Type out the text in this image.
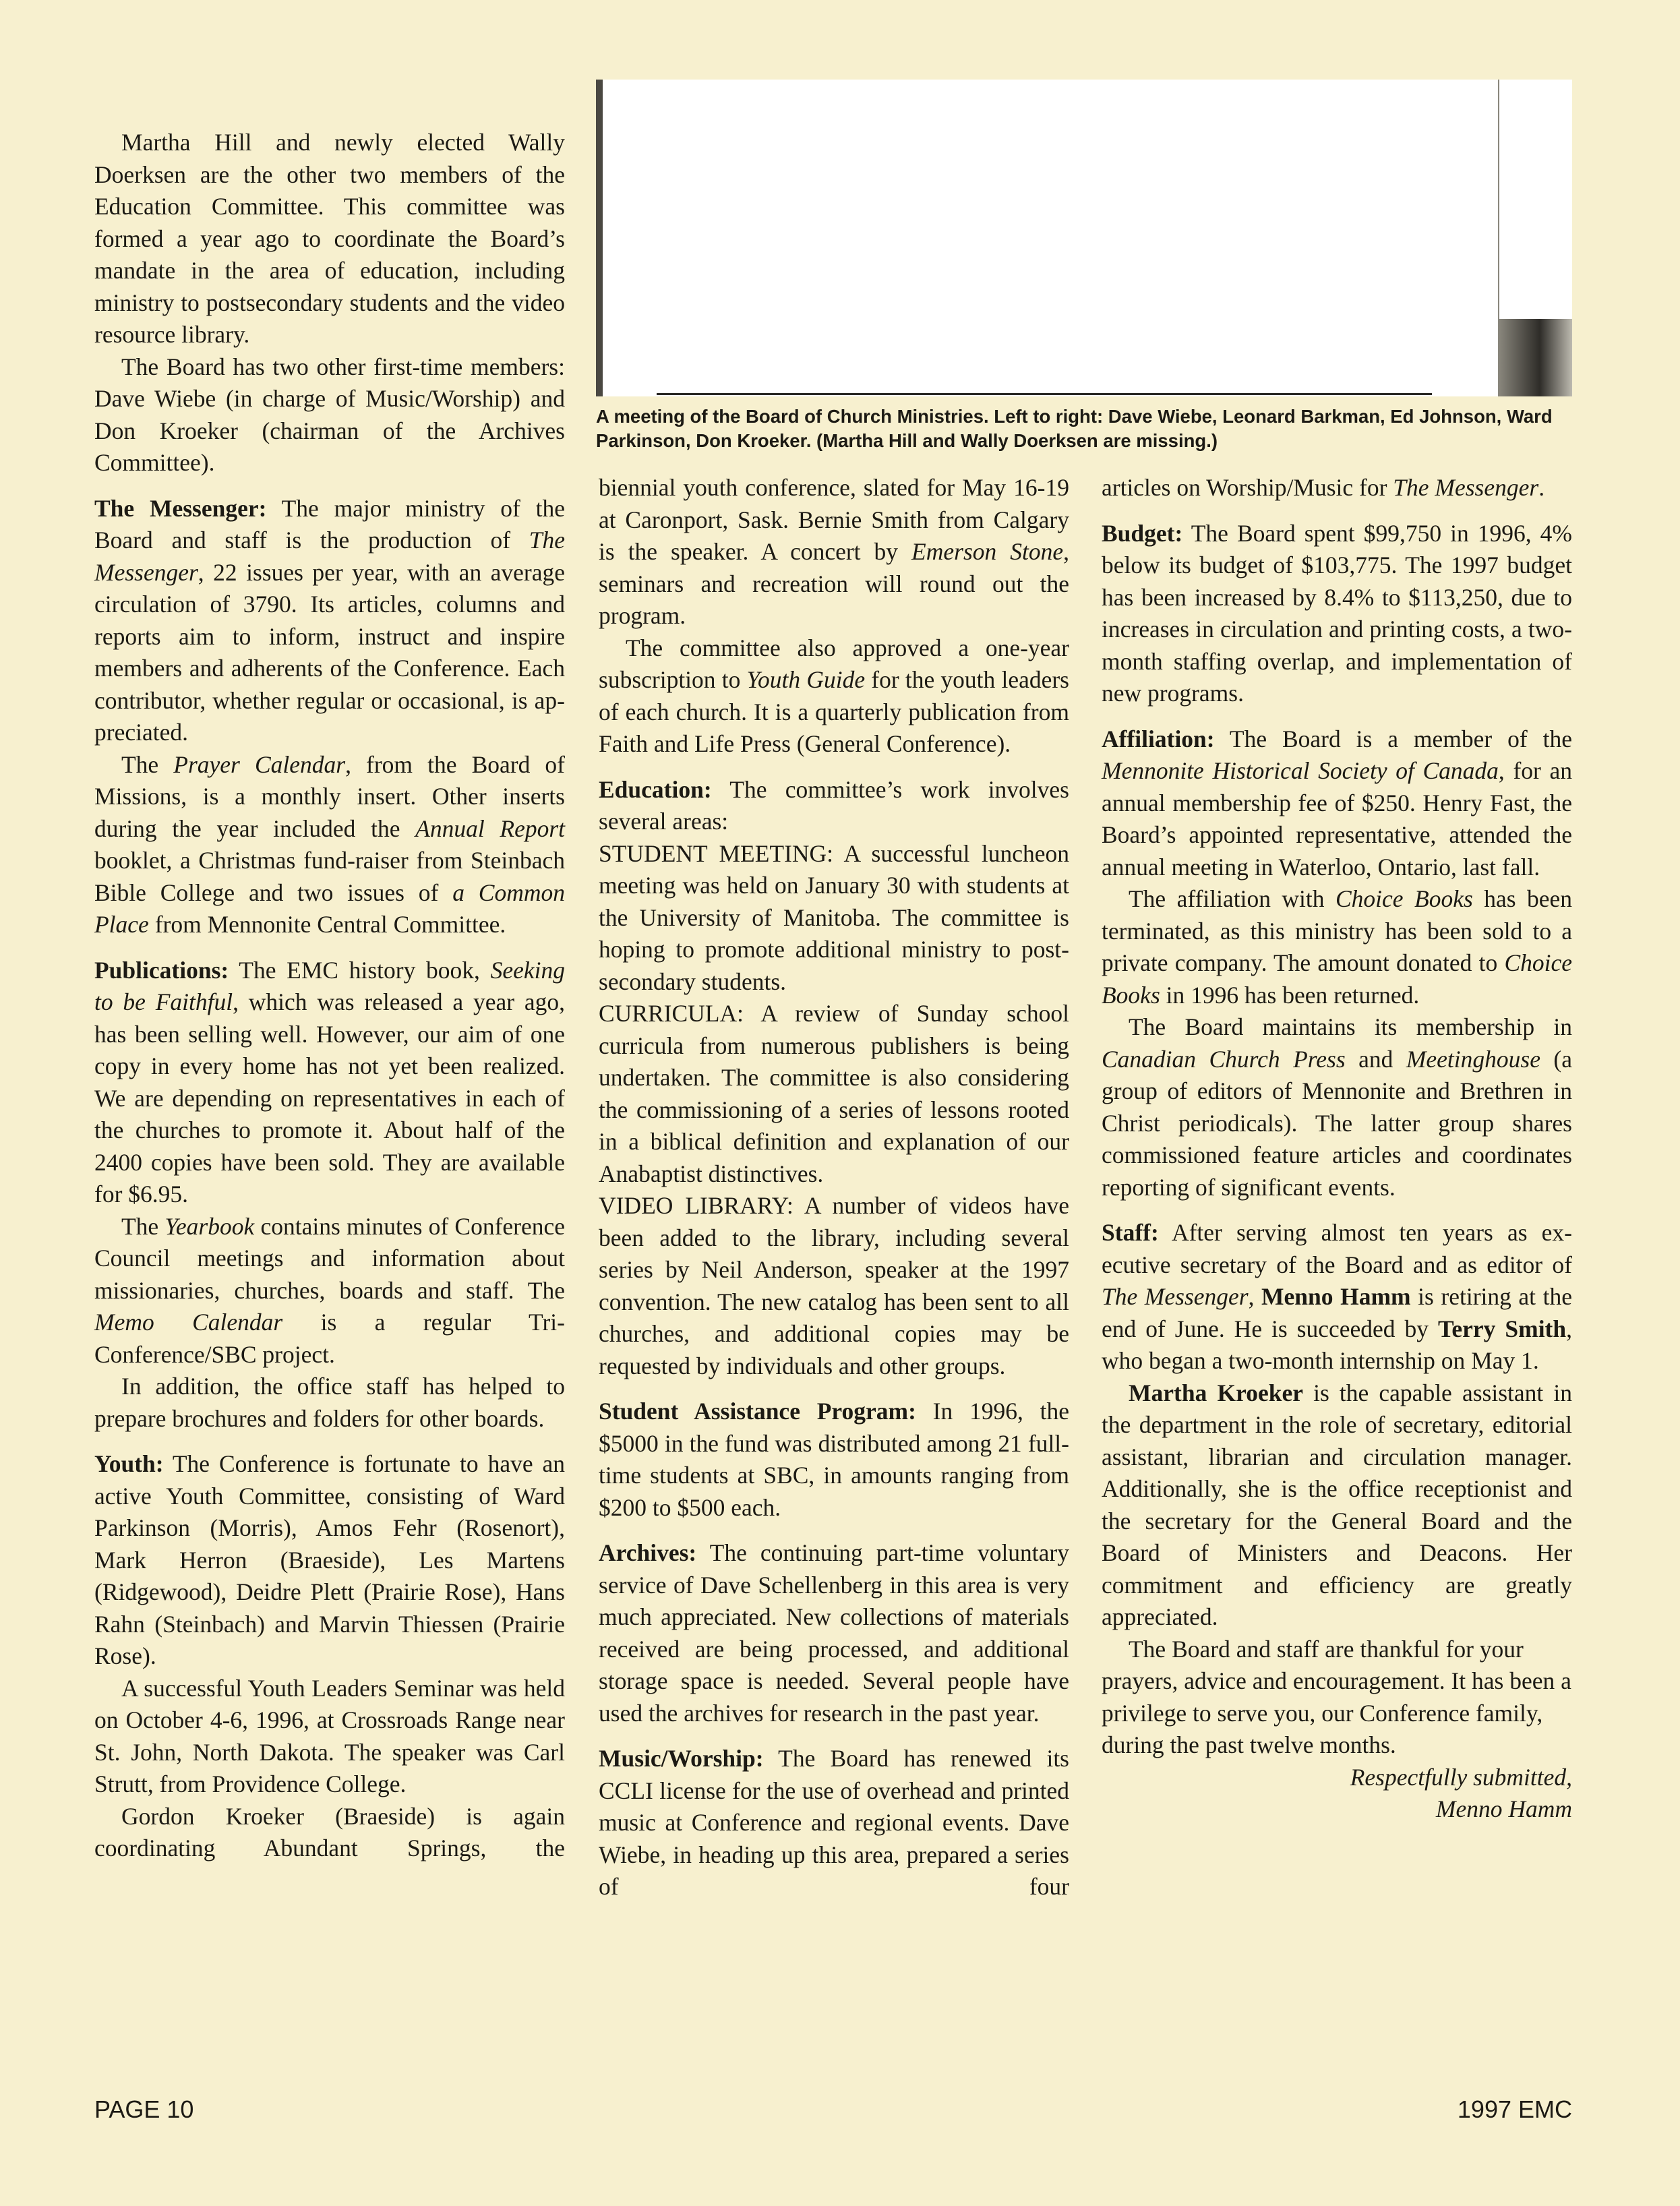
A meeting of the Board of Church Ministries. Left to right: Dave Wiebe, Leonard Barkman, Ed Johnson, Ward Parkinson, Don Kroeker. (Martha Hill and Wally Doerksen are missing.)

Martha Hill and newly elected Wally Doerksen are the other two members of the Education Committee. This committee was formed a year ago to coordinate the Board’s mandate in the area of education, including ministry to postsecondary students and the video resource library.

The Board has two other first-time members: Dave Wiebe (in charge of Music/Worship) and Don Kroeker (chairman of the Archives Committee).

The Messenger: The major ministry of the Board and staff is the production of The Messenger, 22 issues per year, with an average circulation of 3790. Its articles, columns and reports aim to inform, instruct and inspire members and adherents of the Conference. Each contributor, whether regular or occasional, is appreciated.

The Prayer Calendar, from the Board of Missions, is a monthly insert. Other inserts during the year included the Annual Report booklet, a Christmas fund-raiser from Steinbach Bible College and two issues of a Common Place from Mennonite Central Committee.

Publications: The EMC history book, Seeking to be Faithful, which was released a year ago, has been selling well. However, our aim of one copy in every home has not yet been realized. We are depending on representatives in each of the churches to promote it. About half of the 2400 copies have been sold. They are available for $6.95.

The Yearbook contains minutes of Conference Council meetings and information about missionaries, churches, boards and staff. The Memo Calendar is a regular Tri-Conference/SBC project.

In addition, the office staff has helped to prepare brochures and folders for other boards.

Youth: The Conference is fortunate to have an active Youth Committee, consisting of Ward Parkinson (Morris), Amos Fehr (Rosenort), Mark Herron (Braeside), Les Martens (Ridgewood), Deidre Plett (Prairie Rose), Hans Rahn (Steinbach) and Marvin Thiessen (Prairie Rose).

A successful Youth Leaders Seminar was held on October 4-6, 1996, at Crossroads Range near St. John, North Dakota. The speaker was Carl Strutt, from Providence College.

Gordon Kroeker (Braeside) is again coordinating Abundant Springs, the

biennial youth conference, slated for May 16-19 at Caronport, Sask. Bernie Smith from Calgary is the speaker. A concert by Emerson Stone, seminars and recreation will round out the program.

The committee also approved a one-year subscription to Youth Guide for the youth leaders of each church. It is a quarterly publication from Faith and Life Press (General Conference).

Education: The committee’s work involves several areas:

STUDENT MEETING: A successful luncheon meeting was held on January 30 with students at the University of Manitoba. The committee is hoping to promote additional ministry to post-secondary students.

CURRICULA: A review of Sunday school curricula from numerous publishers is being undertaken. The committee is also considering the commissioning of a series of lessons rooted in a biblical definition and explanation of our Anabaptist distinctives.

VIDEO LIBRARY: A number of videos have been added to the library, including several series by Neil Anderson, speaker at the 1997 convention. The new catalog has been sent to all churches, and additional copies may be requested by individuals and other groups.

Student Assistance Program: In 1996, the $5000 in the fund was distributed among 21 full-time students at SBC, in amounts ranging from $200 to $500 each.

Archives: The continuing part-time voluntary service of Dave Schellenberg in this area is very much appreciated. New collections of materials received are being processed, and additional storage space is needed. Several people have used the archives for research in the past year.

Music/Worship: The Board has renewed its CCLI license for the use of overhead and printed music at Conference and regional events. Dave Wiebe, in heading up this area, prepared a series of four

articles on Worship/Music for The Messenger.

Budget: The Board spent $99,750 in 1996, 4% below its budget of $103,775. The 1997 budget has been increased by 8.4% to $113,250, due to increases in circulation and printing costs, a two-month staffing overlap, and implementation of new programs.

Affiliation: The Board is a member of the Mennonite Historical Society of Canada, for an annual membership fee of $250. Henry Fast, the Board’s appointed representative, attended the annual meeting in Waterloo, Ontario, last fall.

The affiliation with Choice Books has been terminated, as this ministry has been sold to a private company. The amount donated to Choice Books in 1996 has been returned.

The Board maintains its membership in Canadian Church Press and Meetinghouse (a group of editors of Mennonite and Brethren in Christ periodicals). The latter group shares commissioned feature articles and coordinates reporting of significant events.

Staff: After serving almost ten years as executive secretary of the Board and as editor of The Messenger, Menno Hamm is retiring at the end of June. He is succeeded by Terry Smith, who began a two-month internship on May 1.

Martha Kroeker is the capable assistant in the department in the role of secretary, editorial assistant, librarian and circulation manager. Additionally, she is the office receptionist and the secretary for the General Board and the Board of Ministers and Deacons. Her commitment and efficiency are greatly appreciated.

The Board and staff are thankful for your prayers, advice and encouragement. It has been a privilege to serve you, our Conference family, during the past twelve months.

Respectfully submitted,

Menno Hamm

PAGE 10	1997 EMC
